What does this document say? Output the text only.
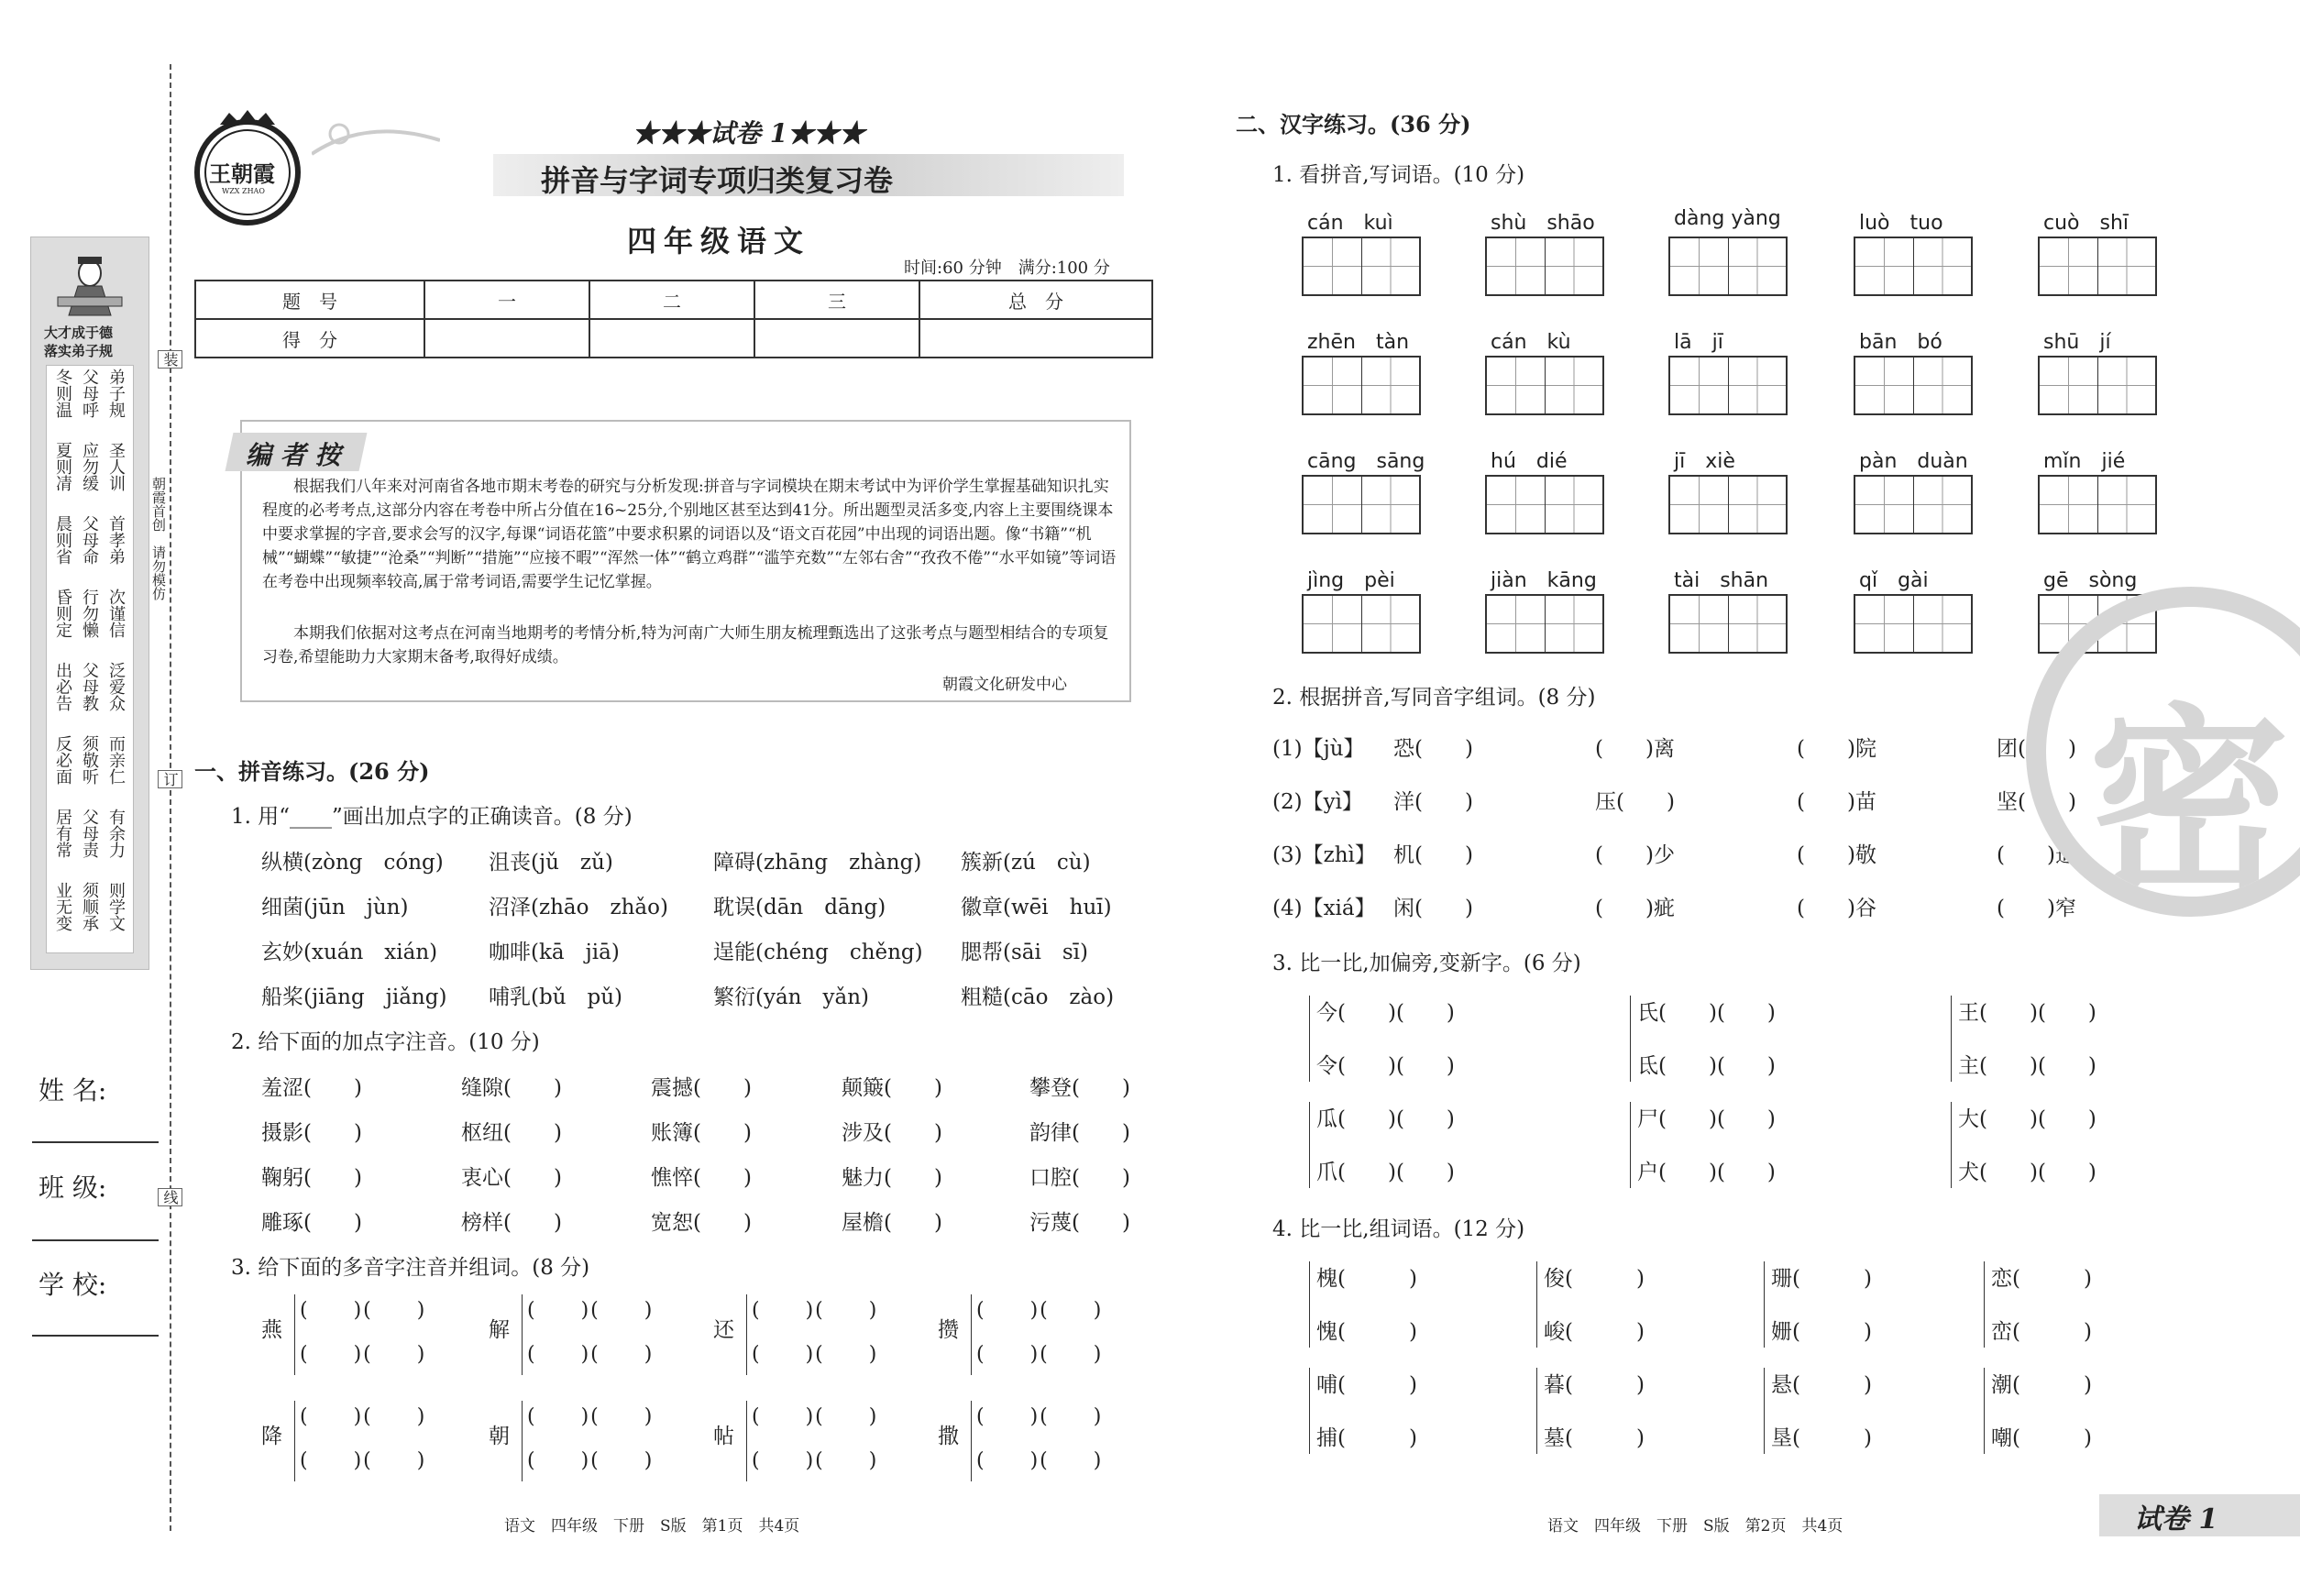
大才成于德
落实弟子规
冬则温 父母呼 弟子规
夏则凊 应勿缓 圣人训
晨则省 父母命 首孝弟
昏则定 行勿懒 次谨信
出必告 父母教 泛爱众
反必面 须敬听 而亲仁
居有常 父母责 有余力
业无变 须顺承 则学文
姓 名:
班 级:
学 校:
装
朝霞首创　请勿模仿
订
线
王朝霞
WZX ZHAO
★★★试卷 1★★★
拼音与字词专项归类复习卷
四年级语文
时间:60 分钟　满分:100 分
题　号	一	二	三	总　分
得　分				
编 者 按
根据我们八年来对河南省各地市期末考卷的研究与分析发现:拼音与字词模块在期末考试中为评价学生掌握基础知识扎实程度的必考考点,这部分内容在考卷中所占分值在16~25分,个别地区甚至达到41分。所出题型灵活多变,内容上主要围绕课本中要求掌握的字音,要求会写的汉字,每课“词语花篮”中要求积累的词语以及“语文百花园”中出现的词语出题。像“书籍”“机械”“蝴蝶”“敏捷”“沧桑”“判断”“措施”“应接不暇”“浑然一体”“鹤立鸡群”“滥竽充数”“左邻右舍”“孜孜不倦”“水平如镜”等词语在考卷中出现频率较高,属于常考词语,需要学生记忆掌握。
本期我们依据对这考点在河南当地期考的考情分析,特为河南广大师生朋友梳理甄选出了这张考点与题型相结合的专项复习卷,希望能助力大家期末备考,取得好成绩。
朝霞文化研发中心
一、拼音练习。(26 分)
1. 用“____”画出加点字的正确读音。(8 分)
纵横(zòng　cóng) 沮丧(jǔ　zǔ)	障碍(zhāng　zhàng) 簇新(zú　cù)
细菌(jūn　jùn)	沼泽(zhāo　zhǎo) 耽误(dān　dāng)	徽章(wēi　huī)
玄妙(xuán　xián) 咖啡(kā　jiā)	逞能(chéng　chěng) 腮帮(sāi　sī)
船桨(jiāng　jiǎng) 哺乳(bǔ　pǔ)	繁衍(yán　yǎn)	粗糙(cāo　zào)
2. 给下面的加点字注音。(10 分)
羞涩(　　)	缝隙(　　)	震撼(　　)	颠簸(　　)	攀登(　　)
摄影(　　)	枢纽(　　)	账簿(　　)	涉及(　　)	韵律(　　)
鞠躬(　　)	衷心(　　)	憔悴(　　)	魅力(　　)	口腔(　　)
雕琢(　　)	榜样(　　)	宽恕(　　)	屋檐(　　)	污蔑(　　)
3. 给下面的多音字注音并组词。(8 分)
燕
(　　)(　　)
(　　)(　　)
解
(　　)(　　)
(　　)(　　)
还
(　　)(　　)
(　　)(　　)
攒
(　　)(　　)
(　　)(　　)
降
(　　)(　　)
(　　)(　　)
朝
(　　)(　　)
(　　)(　　)
帖
(　　)(　　)
(　　)(　　)
撒
(　　)(　　)
(　　)(　　)
语文　四年级　下册　S版　第1页　共4页
二、汉字练习。(36 分)
1. 看拼音,写词语。(10 分)
cán　kuì	shù　shāo	dàng yàng	luò　tuo	cuò　shī
zhēn　tàn	cán　kù	lā　jī	bān　bó	shū　jí
cāng　sāng	hú　dié	jī　xiè	pàn　duàn	mǐn　jié
jìng　pèi	jiàn　kāng	tài　shān	qǐ　gài	gē　sòng
2. 根据拼音,写同音字组词。(8 分)
(1)【jù】 恐(　　)	(　　)离	(　　)院	团(　　)
(2)【yì】 洋(　　)	压(　　)	(　　)苗	坚(　　)
(3)【zhì】 机(　　)	(　　)少	(　　)敬	(　　)造
(4)【xiá】 闲(　　)	(　　)疵	(　　)谷	(　　)窄
3. 比一比,加偏旁,变新字。(6 分)
今(　　)(　　)
令(　　)(　　)
氏(　　)(　　)
氐(　　)(　　)
王(　　)(　　)
主(　　)(　　)
瓜(　　)(　　)
爪(　　)(　　)
尸(　　)(　　)
户(　　)(　　)
大(　　)(　　)
犬(　　)(　　)
4. 比一比,组词语。(12 分)
槐(　　　)
愧(　　　)
俊(　　　)
峻(　　　)
珊(　　　)
姗(　　　)
恋(　　　)
峦(　　　)
哺(　　　)
捕(　　　)
暮(　　　)
墓(　　　)
悬(　　　)
垦(　　　)
潮(　　　)
嘲(　　　)
密
语文　四年级　下册　S版　第2页　共4页	试卷 1
